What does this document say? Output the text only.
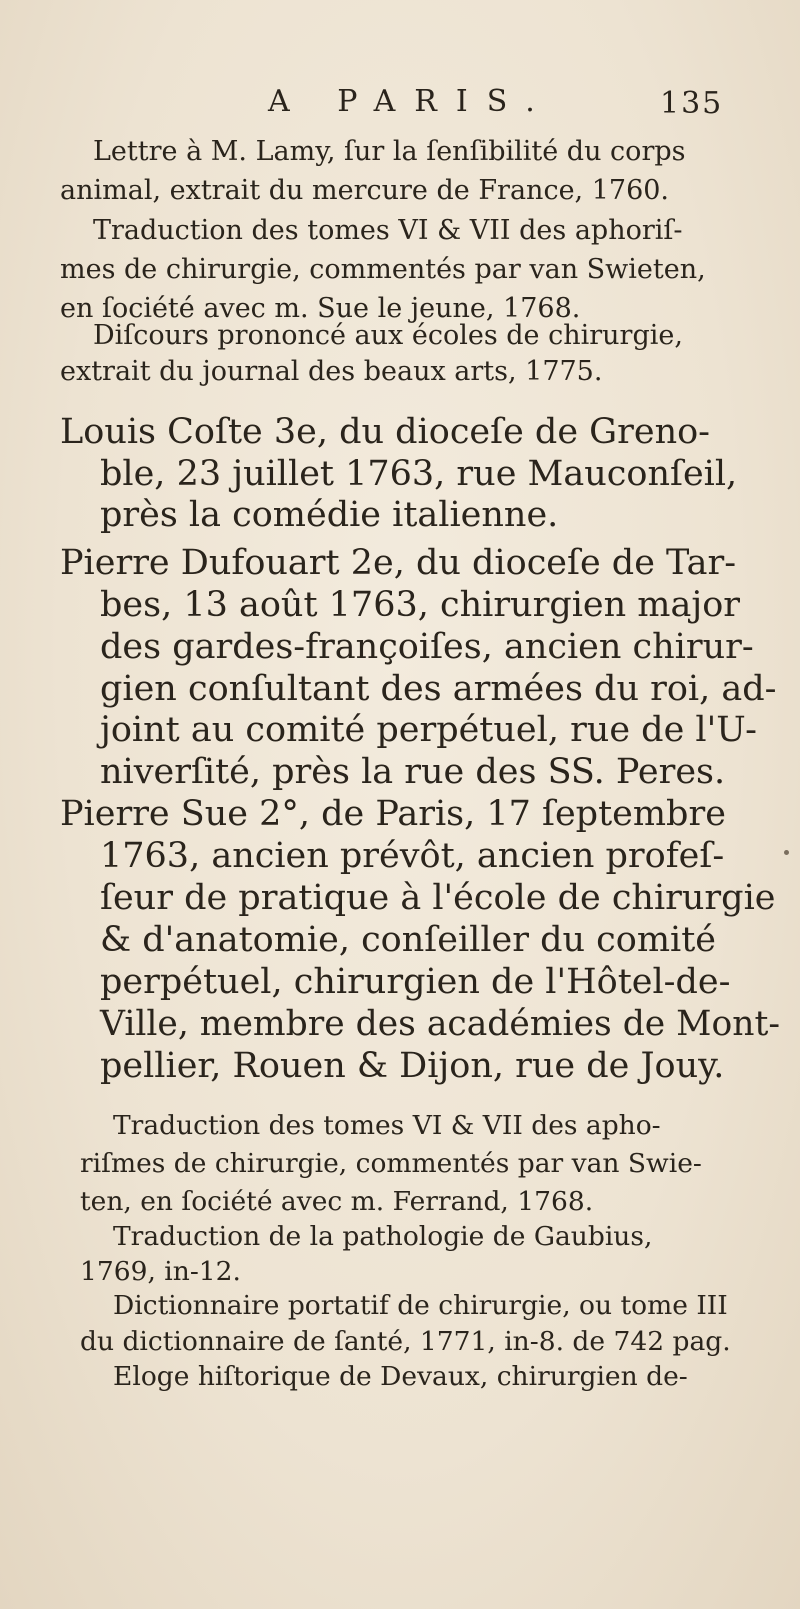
A PARIS.	135
Lettre à M. Lamy, ſur la ſenſibilité du corps
animal, extrait du mercure de France, 1760.
Traduction des tomes VI & VII des aphoriſ-
mes de chirurgie, commentés par van Swieten,
en ſociété avec m. Sue le jeune, 1768.
Diſcours prononcé aux écoles de chirurgie,
extrait du journal des beaux arts, 1775.
Louis Coſte 3e, du dioceſe de Greno-
ble, 23 juillet 1763, rue Mauconſeil,
près la comédie italienne.
Pierre Dufouart 2e, du dioceſe de Tar-
bes, 13 août 1763, chirurgien major
des gardes-françoiſes, ancien chirur-
gien conſultant des armées du roi, ad-
joint au comité perpétuel, rue de l'U-
niverſité, près la rue des SS. Peres.
Pierre Sue 2°, de Paris, 17 ſeptembre
1763, ancien prévôt, ancien profeſ-
ſeur de pratique à l'école de chirurgie
& d'anatomie, conſeiller du comité
perpétuel, chirurgien de l'Hôtel-de-
Ville, membre des académies de Mont-
pellier, Rouen & Dijon, rue de Jouy.
Traduction des tomes VI & VII des apho-
riſmes de chirurgie, commentés par van Swie-
ten, en ſociété avec m. Ferrand, 1768.
Traduction de la pathologie de Gaubius,
1769, in-12.
Dictionnaire portatif de chirurgie, ou tome III
du dictionnaire de ſanté, 1771, in-8. de 742 pag.
Eloge hiſtorique de Devaux, chirurgien de-
